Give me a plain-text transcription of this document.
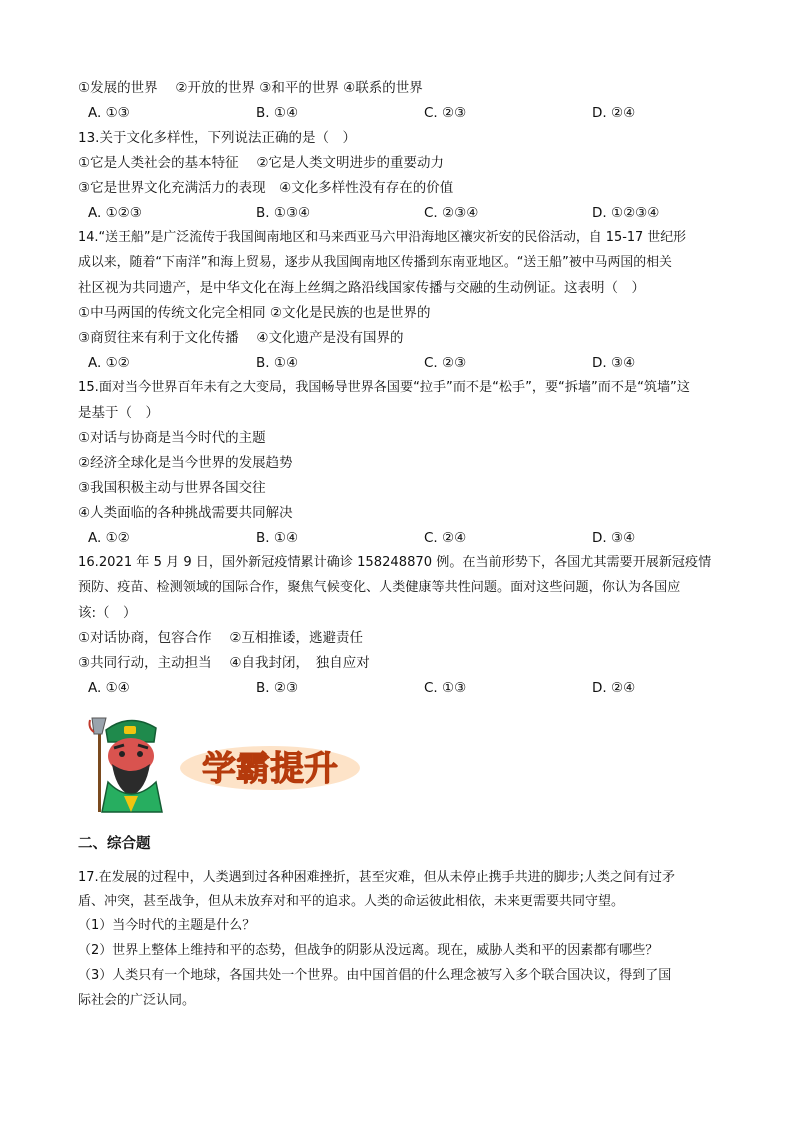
①发展的世界　 ②开放的世界 ③和平的世界 ④联系的世界
A. ①③	B. ①④	C. ②③	D. ②④
13.关于文化多样性，下列说法正确的是（　）
①它是人类社会的基本特征　 ②它是人类文明进步的重要动力
③它是世界文化充满活力的表现　④文化多样性没有存在的价值
A. ①②③	B. ①③④	C. ②③④	D. ①②③④
14.“送王船”是广泛流传于我国闽南地区和马来西亚马六甲沿海地区禳灾祈安的民俗活动，自 15-17 世纪形
成以来，随着“下南洋”和海上贸易，逐步从我国闽南地区传播到东南亚地区。“送王船”被中马两国的相关
社区视为共同遗产，是中华文化在海上丝绸之路沿线国家传播与交融的生动例证。这表明（　）
①中马两国的传统文化完全相同 ②文化是民族的也是世界的
③商贸往来有利于文化传播　 ④文化遗产是没有国界的
A. ①②	B. ①④	C. ②③	D. ③④
15.面对当今世界百年未有之大变局，我国畅导世界各国要“拉手”而不是“松手”，要“拆墙”而不是“筑墙”这
是基于（　）
①对话与协商是当今时代的主题
②经济全球化是当今世界的发展趋势
③我国积极主动与世界各国交往
④人类面临的各种挑战需要共同解决
A. ①②	B. ①④	C. ②④	D. ③④
16.2021 年 5 月 9 日，国外新冠疫情累计确诊 158248870 例。在当前形势下，各国尤其需要开展新冠疫情
预防、疫苗、检测领域的国际合作，聚焦气候变化、人类健康等共性问题。面对这些问题，你认为各国应
该:（　）
①对话协商，包容合作　 ②互相推诿，逃避责任
③共同行动，主动担当　 ④自我封闭，　独自应对
A. ①④	B. ②③	C. ①③	D. ②④
学霸提升
二、综合题
17.在发展的过程中，人类遇到过各种困难挫折，甚至灾难，但从未停止携手共进的脚步;人类之间有过矛
盾、冲突，甚至战争，但从未放弃对和平的追求。人类的命运彼此相依，未来更需要共同守望。
（1）当今时代的主题是什么？
（2）世界上整体上维持和平的态势，但战争的阴影从没远离。现在，威胁人类和平的因素都有哪些？
（3）人类只有一个地球，各国共处一个世界。由中国首倡的什么理念被写入多个联合国决议，得到了国
际社会的广泛认同。
